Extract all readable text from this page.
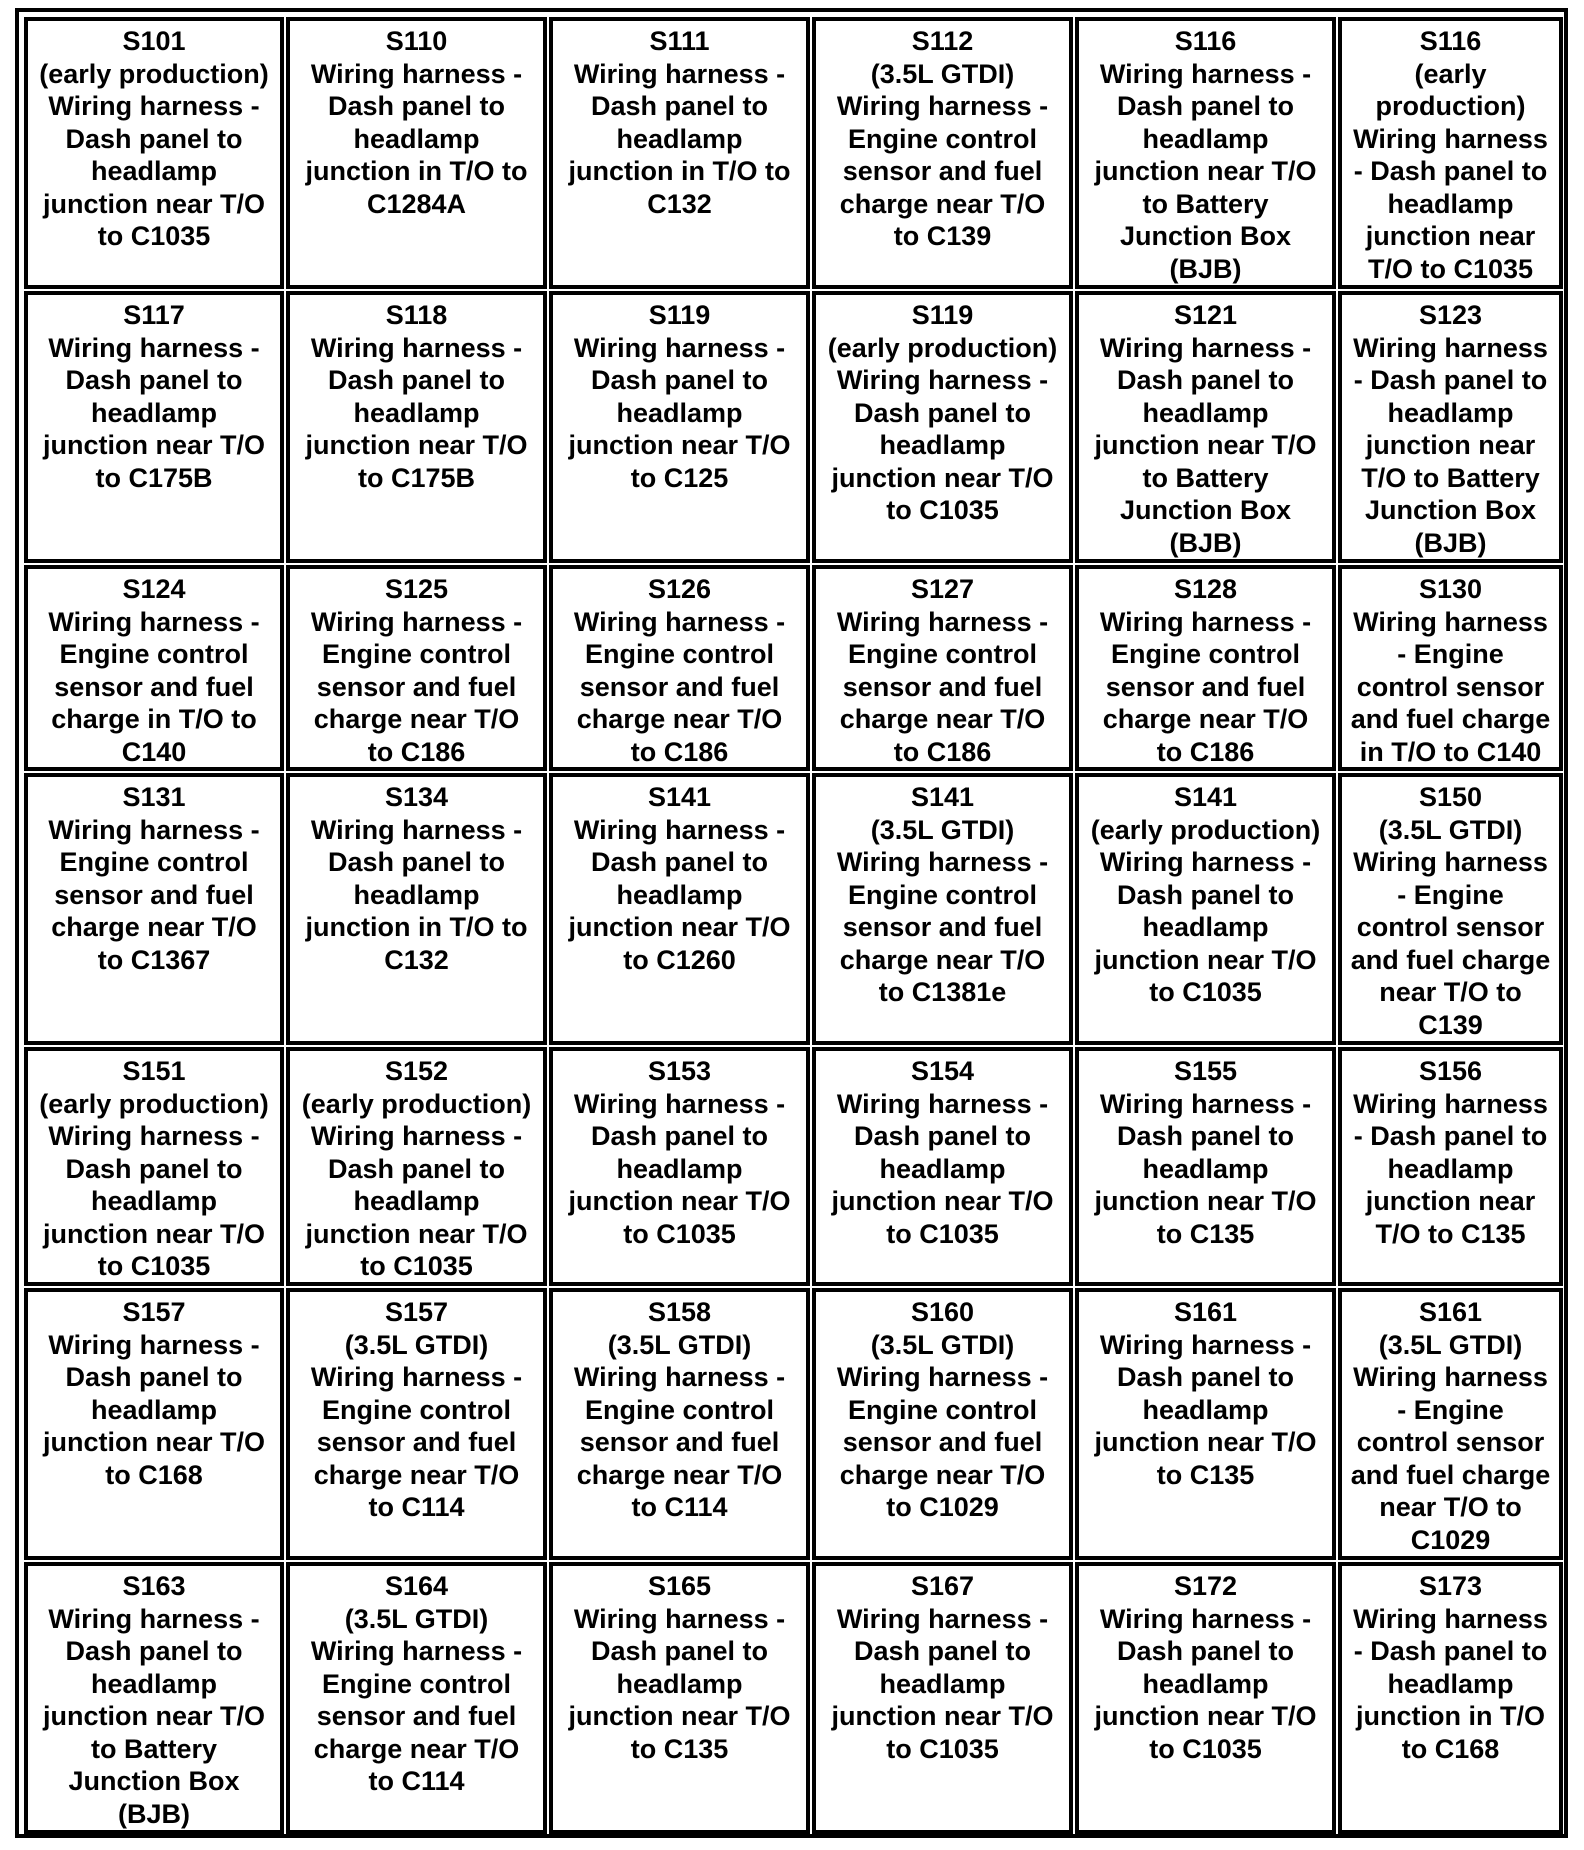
S101
(early production)
Wiring harness -
Dash panel to
headlamp
junction near T/O
to C1035
S110
Wiring harness -
Dash panel to
headlamp
junction in T/O to
C1284A
S111
Wiring harness -
Dash panel to
headlamp
junction in T/O to
C132
S112
(3.5L GTDI)
Wiring harness -
Engine control
sensor and fuel
charge near T/O
to C139
S116
Wiring harness -
Dash panel to
headlamp
junction near T/O
to Battery
Junction Box
(BJB)
S116
(early
production)
Wiring harness
- Dash panel to
headlamp
junction near
T/O to C1035
S117
Wiring harness -
Dash panel to
headlamp
junction near T/O
to C175B
S118
Wiring harness -
Dash panel to
headlamp
junction near T/O
to C175B
S119
Wiring harness -
Dash panel to
headlamp
junction near T/O
to C125
S119
(early production)
Wiring harness -
Dash panel to
headlamp
junction near T/O
to C1035
S121
Wiring harness -
Dash panel to
headlamp
junction near T/O
to Battery
Junction Box
(BJB)
S123
Wiring harness
- Dash panel to
headlamp
junction near
T/O to Battery
Junction Box
(BJB)
S124
Wiring harness -
Engine control
sensor and fuel
charge in T/O to
C140
S125
Wiring harness -
Engine control
sensor and fuel
charge near T/O
to C186
S126
Wiring harness -
Engine control
sensor and fuel
charge near T/O
to C186
S127
Wiring harness -
Engine control
sensor and fuel
charge near T/O
to C186
S128
Wiring harness -
Engine control
sensor and fuel
charge near T/O
to C186
S130
Wiring harness
- Engine
control sensor
and fuel charge
in T/O to C140
S131
Wiring harness -
Engine control
sensor and fuel
charge near T/O
to C1367
S134
Wiring harness -
Dash panel to
headlamp
junction in T/O to
C132
S141
Wiring harness -
Dash panel to
headlamp
junction near T/O
to C1260
S141
(3.5L GTDI)
Wiring harness -
Engine control
sensor and fuel
charge near T/O
to C1381e
S141
(early production)
Wiring harness -
Dash panel to
headlamp
junction near T/O
to C1035
S150
(3.5L GTDI)
Wiring harness
- Engine
control sensor
and fuel charge
near T/O to
C139
S151
(early production)
Wiring harness -
Dash panel to
headlamp
junction near T/O
to C1035
S152
(early production)
Wiring harness -
Dash panel to
headlamp
junction near T/O
to C1035
S153
Wiring harness -
Dash panel to
headlamp
junction near T/O
to C1035
S154
Wiring harness -
Dash panel to
headlamp
junction near T/O
to C1035
S155
Wiring harness -
Dash panel to
headlamp
junction near T/O
to C135
S156
Wiring harness
- Dash panel to
headlamp
junction near
T/O to C135
S157
Wiring harness -
Dash panel to
headlamp
junction near T/O
to C168
S157
(3.5L GTDI)
Wiring harness -
Engine control
sensor and fuel
charge near T/O
to C114
S158
(3.5L GTDI)
Wiring harness -
Engine control
sensor and fuel
charge near T/O
to C114
S160
(3.5L GTDI)
Wiring harness -
Engine control
sensor and fuel
charge near T/O
to C1029
S161
Wiring harness -
Dash panel to
headlamp
junction near T/O
to C135
S161
(3.5L GTDI)
Wiring harness
- Engine
control sensor
and fuel charge
near T/O to
C1029
S163
Wiring harness -
Dash panel to
headlamp
junction near T/O
to Battery
Junction Box
(BJB)
S164
(3.5L GTDI)
Wiring harness -
Engine control
sensor and fuel
charge near T/O
to C114
S165
Wiring harness -
Dash panel to
headlamp
junction near T/O
to C135
S167
Wiring harness -
Dash panel to
headlamp
junction near T/O
to C1035
S172
Wiring harness -
Dash panel to
headlamp
junction near T/O
to C1035
S173
Wiring harness
- Dash panel to
headlamp
junction in T/O
to C168
